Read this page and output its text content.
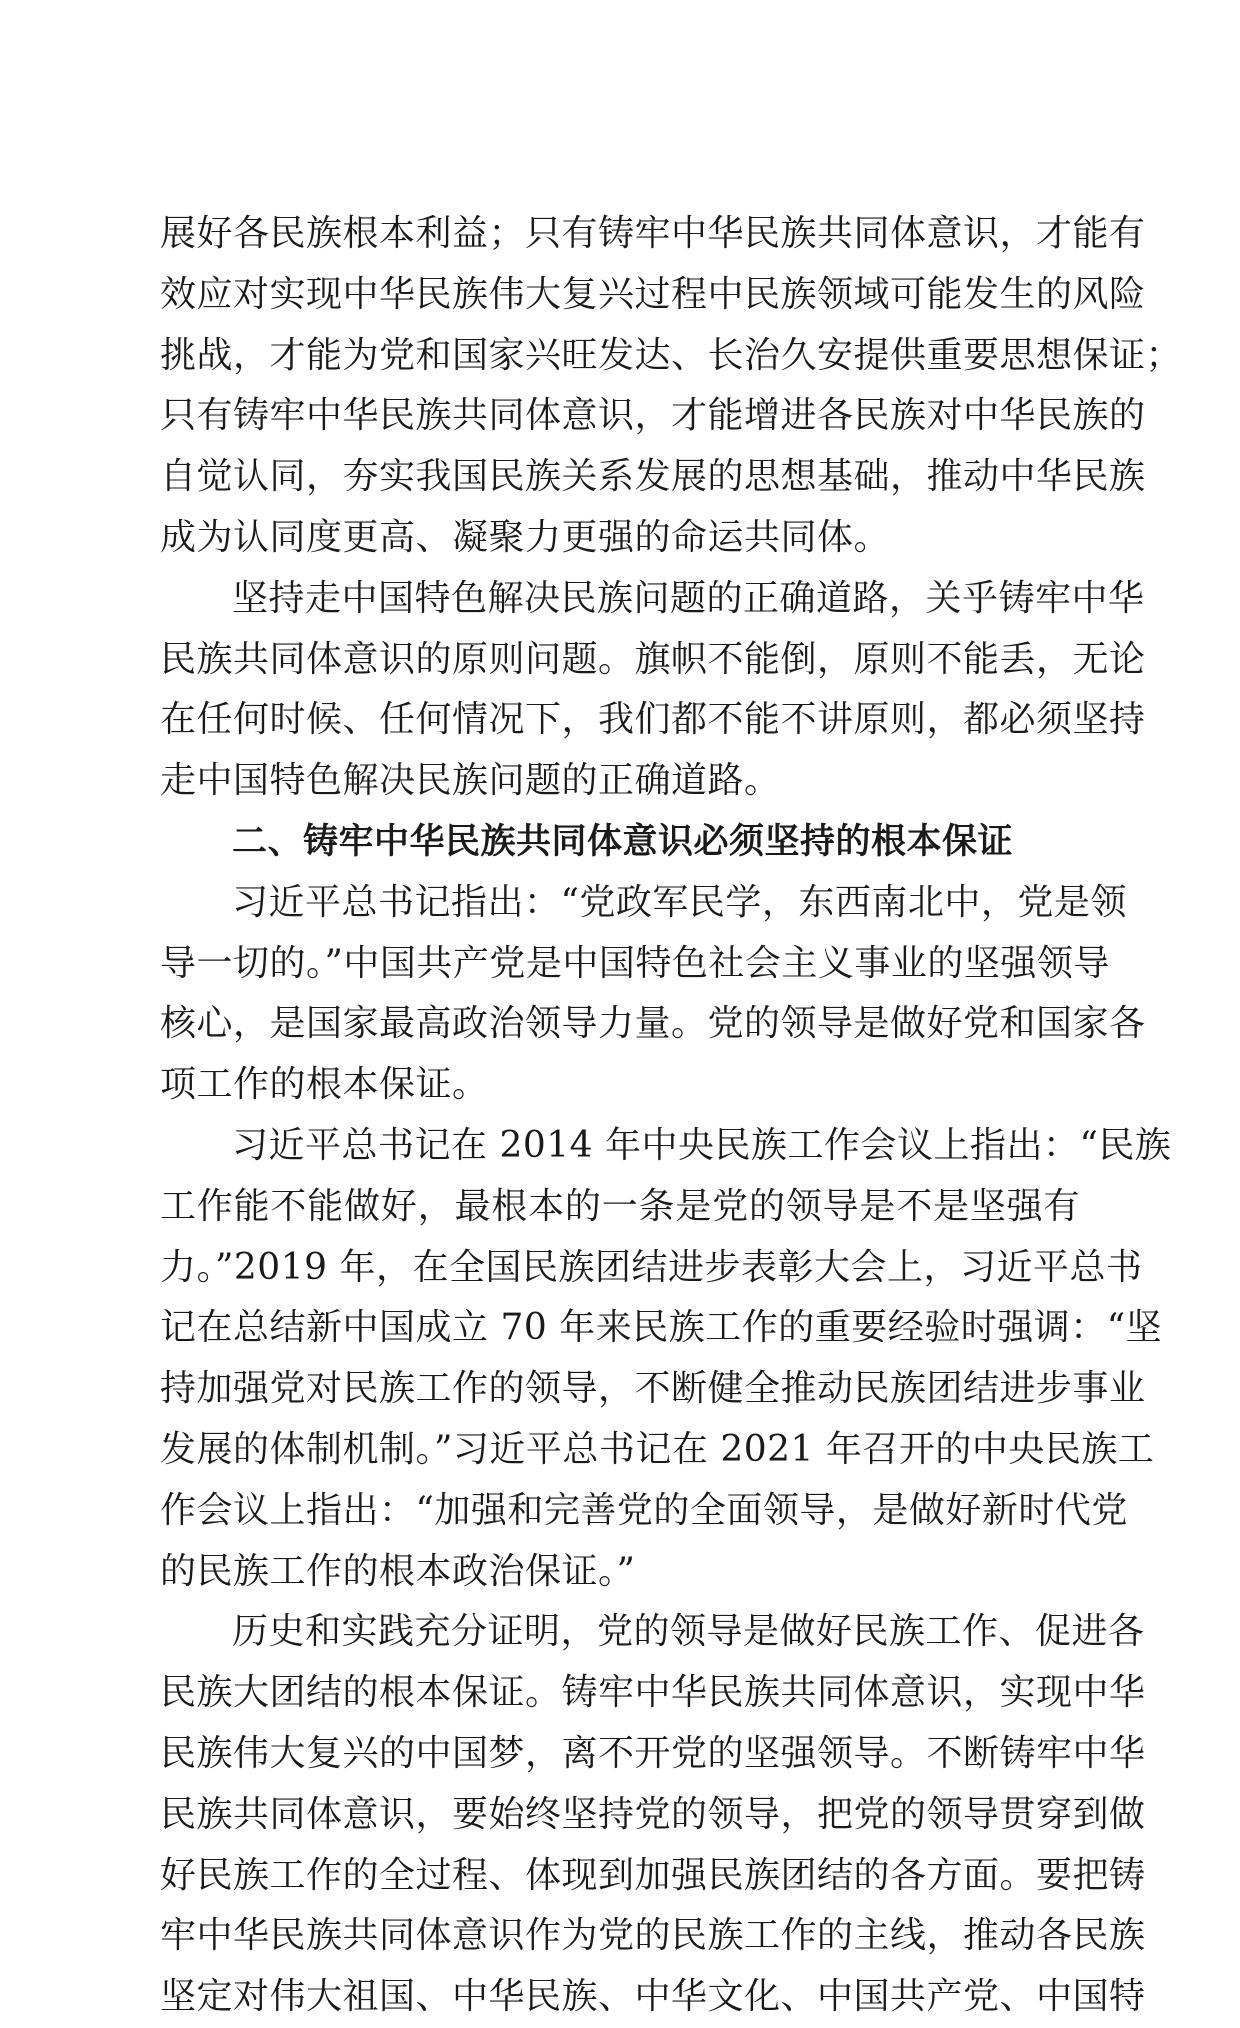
展好各民族根本利益；只有铸牢中华民族共同体意识，才能有
效应对实现中华民族伟大复兴过程中民族领域可能发生的风险
挑战，才能为党和国家兴旺发达、长治久安提供重要思想保证；
只有铸牢中华民族共同体意识，才能增进各民族对中华民族的
自觉认同，夯实我国民族关系发展的思想基础，推动中华民族
成为认同度更高、凝聚力更强的命运共同体。
坚持走中国特色解决民族问题的正确道路，关乎铸牢中华
民族共同体意识的原则问题。旗帜不能倒，原则不能丢，无论
在任何时候、任何情况下，我们都不能不讲原则，都必须坚持
走中国特色解决民族问题的正确道路。
二、铸牢中华民族共同体意识必须坚持的根本保证
习近平总书记指出：“党政军民学，东西南北中，党是领
导一切的。”中国共产党是中国特色社会主义事业的坚强领导
核心，是国家最高政治领导力量。党的领导是做好党和国家各
项工作的根本保证。
习近平总书记在 2014 年中央民族工作会议上指出：“民族
工作能不能做好，最根本的一条是党的领导是不是坚强有
力。”2019 年，在全国民族团结进步表彰大会上，习近平总书
记在总结新中国成立 70 年来民族工作的重要经验时强调：“坚
持加强党对民族工作的领导，不断健全推动民族团结进步事业
发展的体制机制。”习近平总书记在 2021 年召开的中央民族工
作会议上指出：“加强和完善党的全面领导，是做好新时代党
的民族工作的根本政治保证。”
历史和实践充分证明，党的领导是做好民族工作、促进各
民族大团结的根本保证。铸牢中华民族共同体意识，实现中华
民族伟大复兴的中国梦，离不开党的坚强领导。不断铸牢中华
民族共同体意识，要始终坚持党的领导，把党的领导贯穿到做
好民族工作的全过程、体现到加强民族团结的各方面。要把铸
牢中华民族共同体意识作为党的民族工作的主线，推动各民族
坚定对伟大祖国、中华民族、中华文化、中国共产党、中国特
